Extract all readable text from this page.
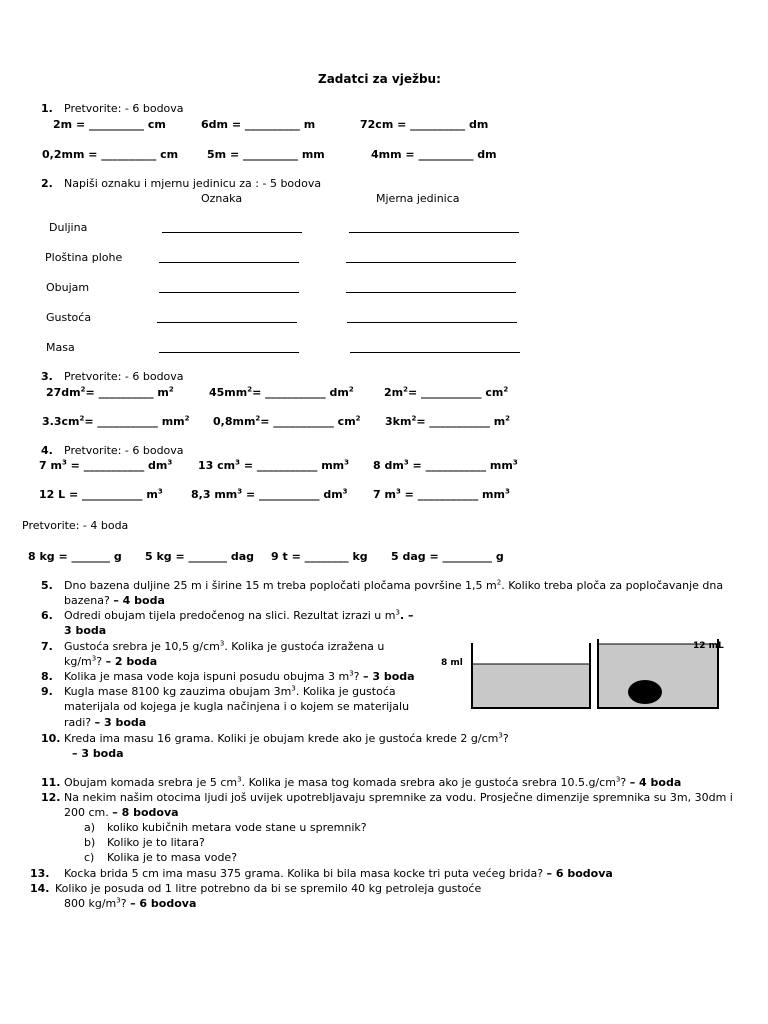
Zadatci za vježbu:
1. Pretvorite: - 6 bodova
2m = __________ cm	6dm = __________ m	72cm = __________ dm
0,2mm = __________ cm	5m = __________ mm	4mm = __________ dm
2. Napiši oznaku i mjernu jedinicu za : - 5 bodova
Oznaka	Mjerna jedinica
Duljina
Ploština plohe
Obujam
Gustoća
Masa
3. Pretvorite: - 6 bodova
$27dm^2=$ __________ $m^2$	$45mm^2=$ ___________ $dm^2$	$2m^2=$ ___________ $cm^2$
$3.3cm^2=$ ___________ $mm^2$ $0,8mm^2=$ ___________ $cm^2$ $3km^2=$ ___________ $m^2$
4. Pretvorite: - 6 bodova
7 $m^3$ = ___________ $dm^3$ 13 $cm^3$ = ___________ $mm^3$ 8 $dm^3$ = ___________ $mm^3$
12 L = ___________ $m^3$	8,3 $mm^3$ = ___________ $dm^3$ 7 $m^3$ = ___________ $mm^3$
Pretvorite: - 4 boda
8 kg = _______ g 5 kg = _______ dag 9 t = ________ kg 5 dag = _________ g
5. Dno bazena duljine 25 m i širine 15 m treba popločati pločama površine 1,5 $m^2$. Koliko treba ploča za popločavanje dna
bazena? – 4 boda
6. Odredi obujam tijela predočenog na slici. Rezultat izrazi u $m^3$. –
3 boda
7. Gustoća srebra je 10,5 $g/cm^3$. Kolika je gustoća izražena u
$kg/m^3$? – 2 boda
8. Kolika je masa vode koja ispuni posudu obujma 3 $m^3$? – 3 boda
9. Kugla mase 8100 kg zauzima obujam $3m^3$. Kolika je gustoća
materijala od kojega je kugla načinjena i o kojem se materijalu
radi? – 3 boda
10. Kreda ima masu 16 grama. Koliki je obujam krede ako je gustoća krede 2 $g/cm^3$?
– 3 boda
11. Obujam komada srebra je 5 $cm^3$. Kolika je masa tog komada srebra ako je gustoća srebra $10.5.g/cm^3$? – 4 boda
12. Na nekim našim otocima ljudi još uvijek upotrebljavaju spremnike za vodu. Prosječne dimenzije spremnika su 3m, 30dm i
200 cm. – 8 bodova
a) koliko kubičnih metara vode stane u spremnik?
b) Koliko je to litara?
c) Kolika je to masa vode?
13. Kocka brida 5 cm ima masu 375 grama. Kolika bi bila masa kocke tri puta većeg brida? – 6 bodova
14. Koliko je posuda od 1 litre potrebno da bi se spremilo 40 kg petroleja gustoće
800 $kg/m^3$? – 6 bodova
8 ml
12 mL
